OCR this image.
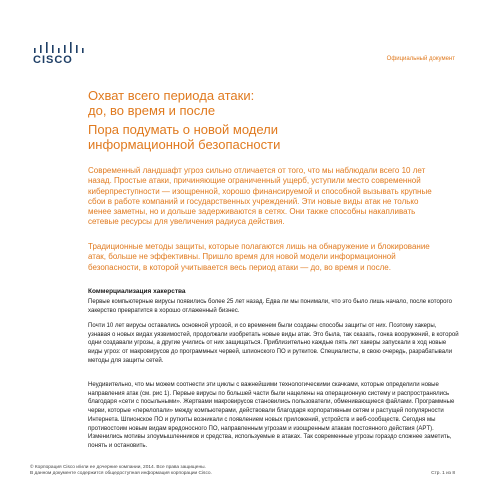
CISCO	Официальный документ
Охват всего периода атаки:
до, во время и после
Пора подумать о новой модели
информационной безопасности

Современный ландшафт угроз сильно отличается от того, что мы наблюдали всего 10 лет назад. Простые атаки, причиняющие ограниченный ущерб, уступили место современной киберпреступности — изощренной, хорошо финансируемой и способной вызывать крупные сбои в работе компаний и государственных учреждений. Эти новые виды атак не только менее заметны, но и дольше задерживаются в сетях. Они также способны накапливать сетевые ресурсы для увеличения радиуса действия.

Традиционные методы защиты, которые полагаются лишь на обнаружение и блокирование атак, больше не эффективны. Пришло время для новой модели информационной безопасности, в которой учитывается весь период атаки — до, во время и после.

Коммерциализация хакерства

Первые компьютерные вирусы появились более 25 лет назад. Едва ли мы понимали, что это было лишь начало, после которого хакерство превратится в хорошо отлаженный бизнес.

Почти 10 лет вирусы оставались основной угрозой, и со временем были созданы способы защиты от них. Поэтому хакеры, узнавая о новых видах уязвимостей, продолжали изобретать новые виды атак. Это была, так сказать, гонка вооружений, в которой одни создавали угрозы, а другие учились от них защищаться. Приблизительно каждые пять лет хакеры запускали в ход новые виды угроз: от макровирусов до программных червей, шпионского ПО и руткитов. Специалисты, в свою очередь, разрабатывали методы для защиты сетей.

Неудивительно, что мы можем соотнести эти циклы с важнейшими технологическими скачками, которые определили новые направления атак (см. рис 1). Первые вирусы по большей части были нацелены на операционную систему и распространялись благодаря «сети с посыльными». Жертвами макровирусов становились пользователи, обменивающиеся файлами. Программные черви, которые «перелопали» между компьютерами, действовали благодаря корпоративным сетям и растущей популярности Интернета. Шпионское ПО и руткиты возникали с появлением новых приложений, устройств и веб-сообществ. Сегодня мы противостоим новым видам вредоносного ПО, направленным угрозам и изощренным атакам постоянного действия (APT). Изменились мотивы злоумышленников и средства, используемые в атаках. Так современные угрозы гораздо сложнее заметить, понять и остановить.

© Корпорация Cisco и/или ее дочерние компании, 2014. Все права защищены.
В данном документе содержится общедоступная информация корпорации Cisco.	Стр. 1 из 8
